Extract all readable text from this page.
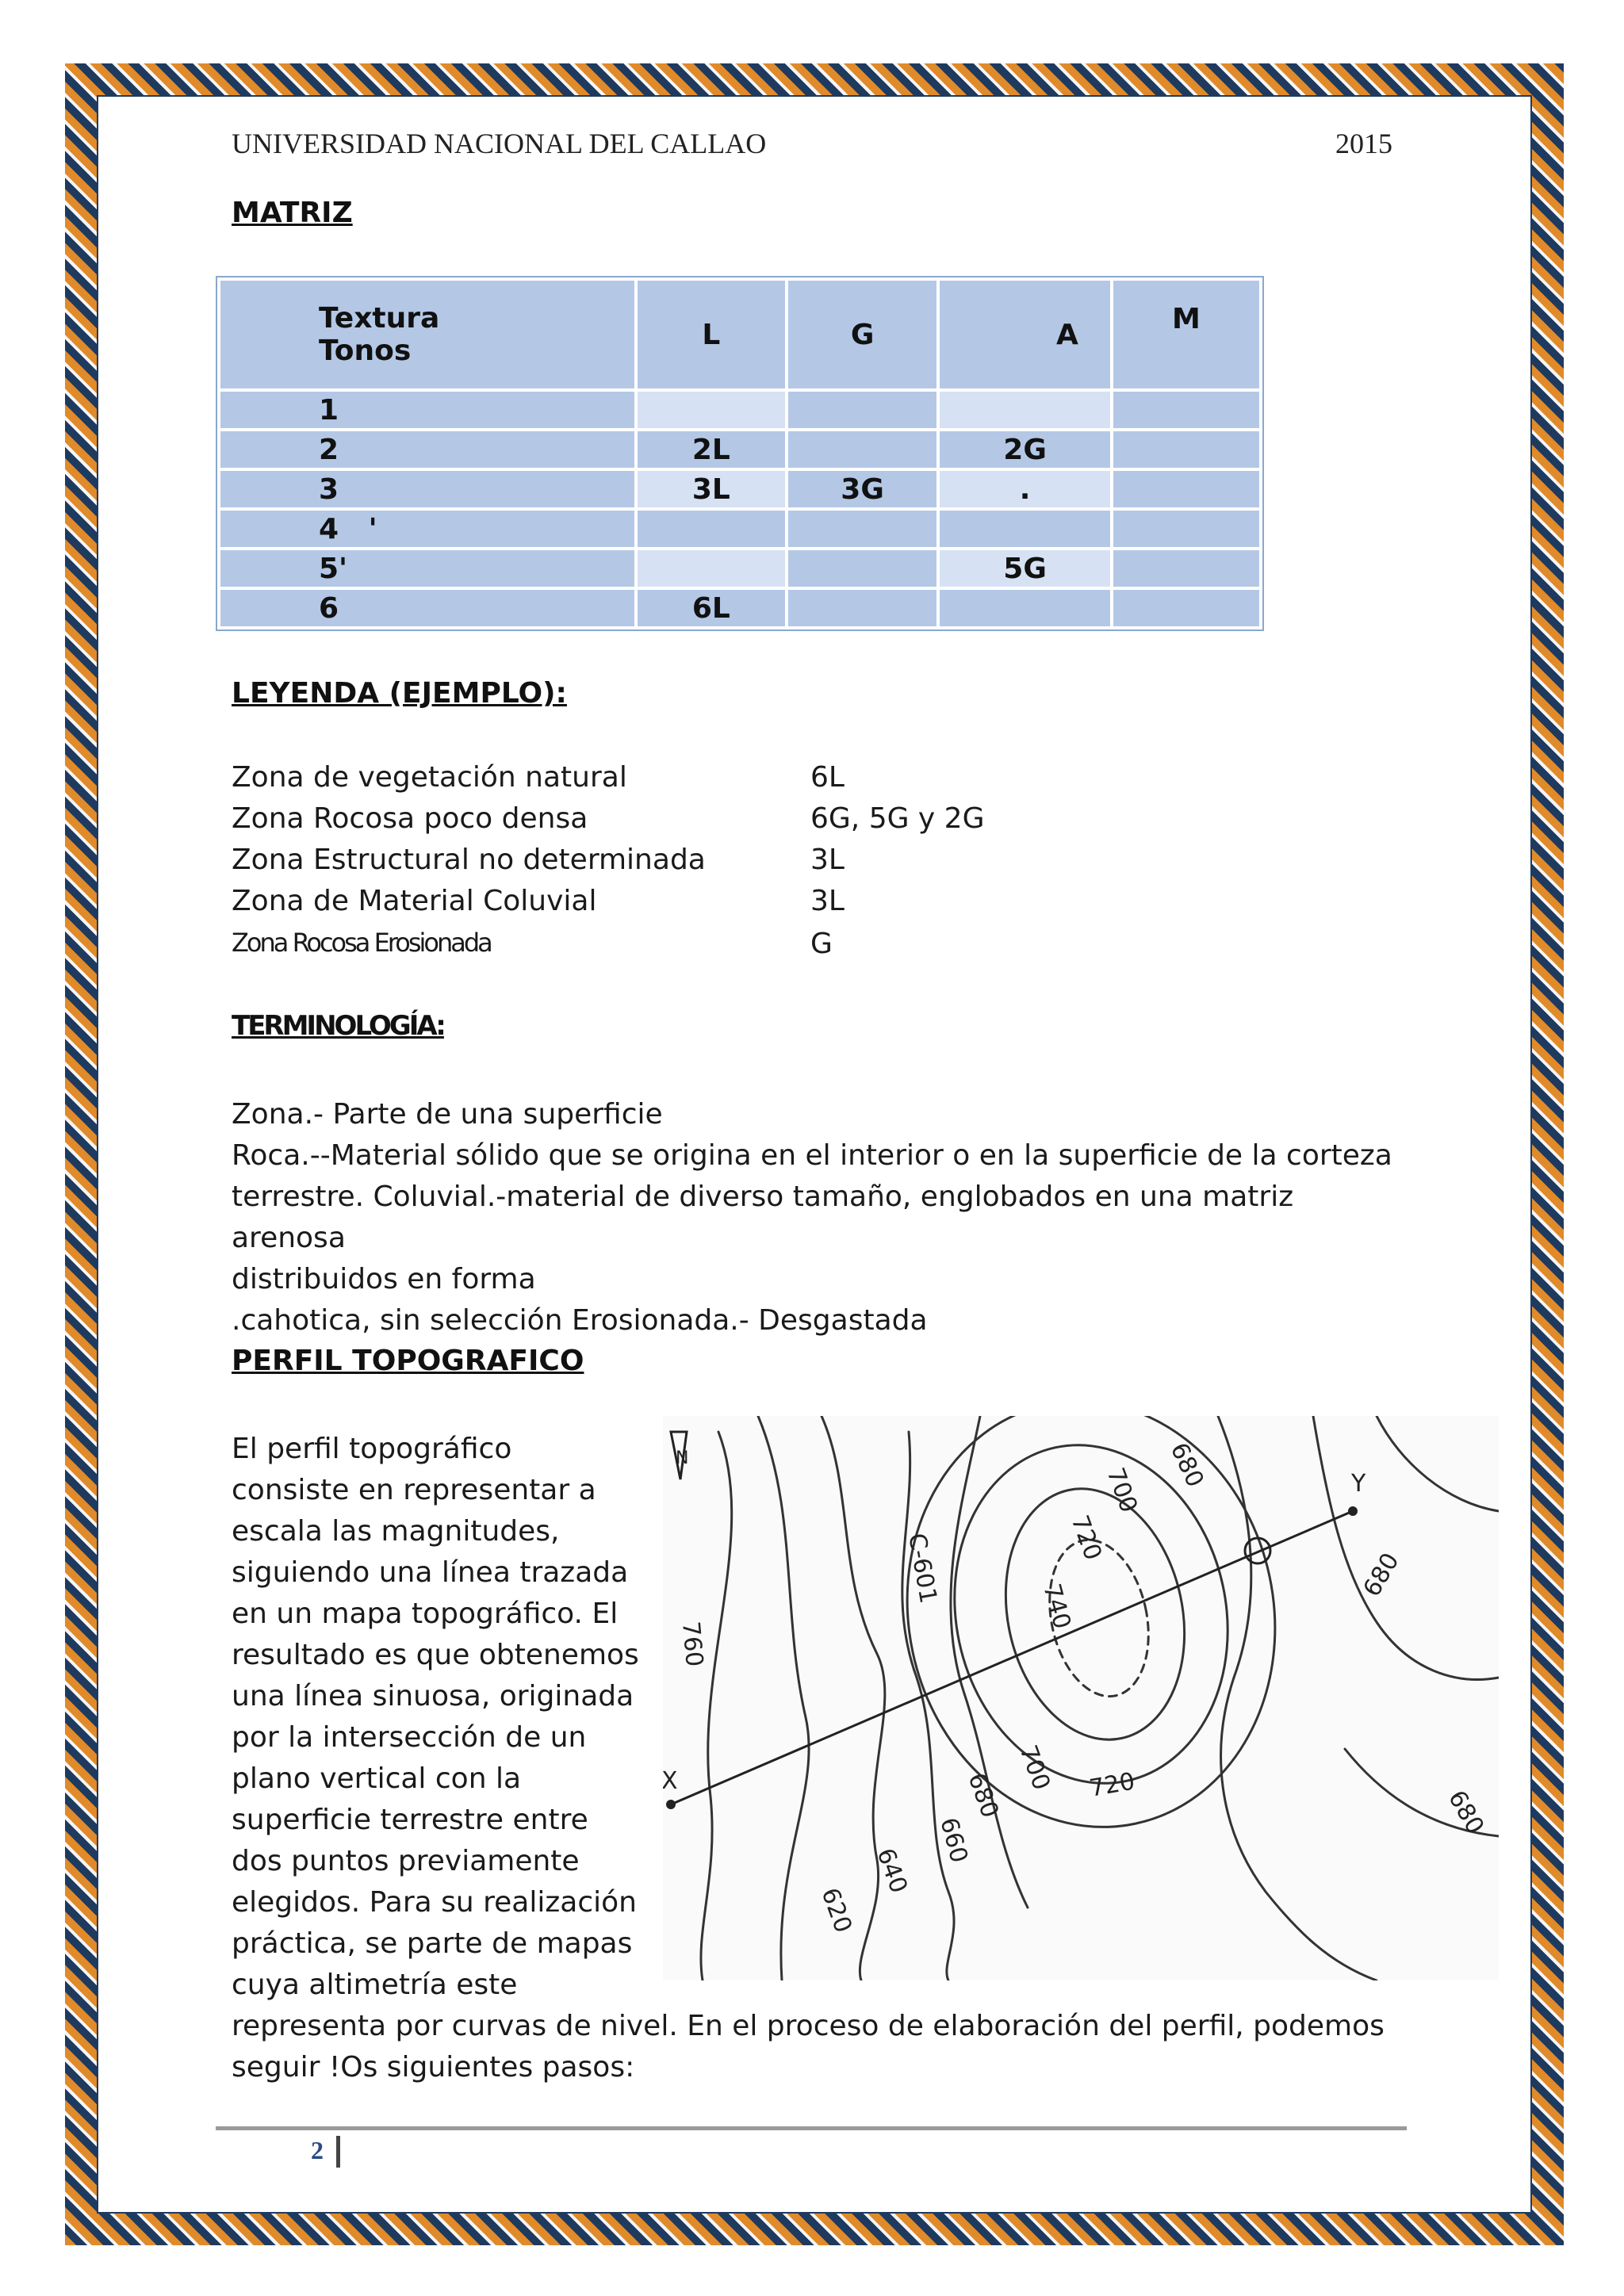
UNIVERSIDAD NACIONAL DEL CALLAO	2015
MATRIZ
Textura
Tonos	L	G	A	M
1				
2	2L		2G	
3	3L	3G	.	
4   '				
5'			5G	
6	6L			
LEYENDA (EJEMPLO):
Zona de vegetación natural	6L
Zona Rocosa poco densa	6G, 5G y 2G
Zona Estructural no determinada	3L
Zona de Material Coluvial	3L
Zona Rocosa Erosionada	G
TERMINOLOGÍA:

Zona.- Parte de una superficie

Roca.--Material sólido que se origina en el interior o en la superficie de la corteza

terrestre. Coluvial.-material de diverso tamaño, englobados en una matriz arenosa

distribuidos en forma

.cahotica, sin selección Erosionada.- Desgastada

PERFIL TOPOGRAFICO

El perfil topográfico

consiste en representar a

escala las magnitudes,

siguiendo una línea trazada

en un mapa topográfico. El

resultado es que obtenemos

una línea sinuosa, originada

por la intersección de un

plano vertical con la

superficie terrestre entre

dos puntos previamente

elegidos. Para su realización

práctica, se parte de mapas

cuya altimetría este

representa por curvas de nivel. En el proceso de elaboración del perfil, podemos

seguir !Os siguientes pasos:

N
X
Y
C-601
700 680
720
740
760
700
680
660
640
620
720
680
680
2
